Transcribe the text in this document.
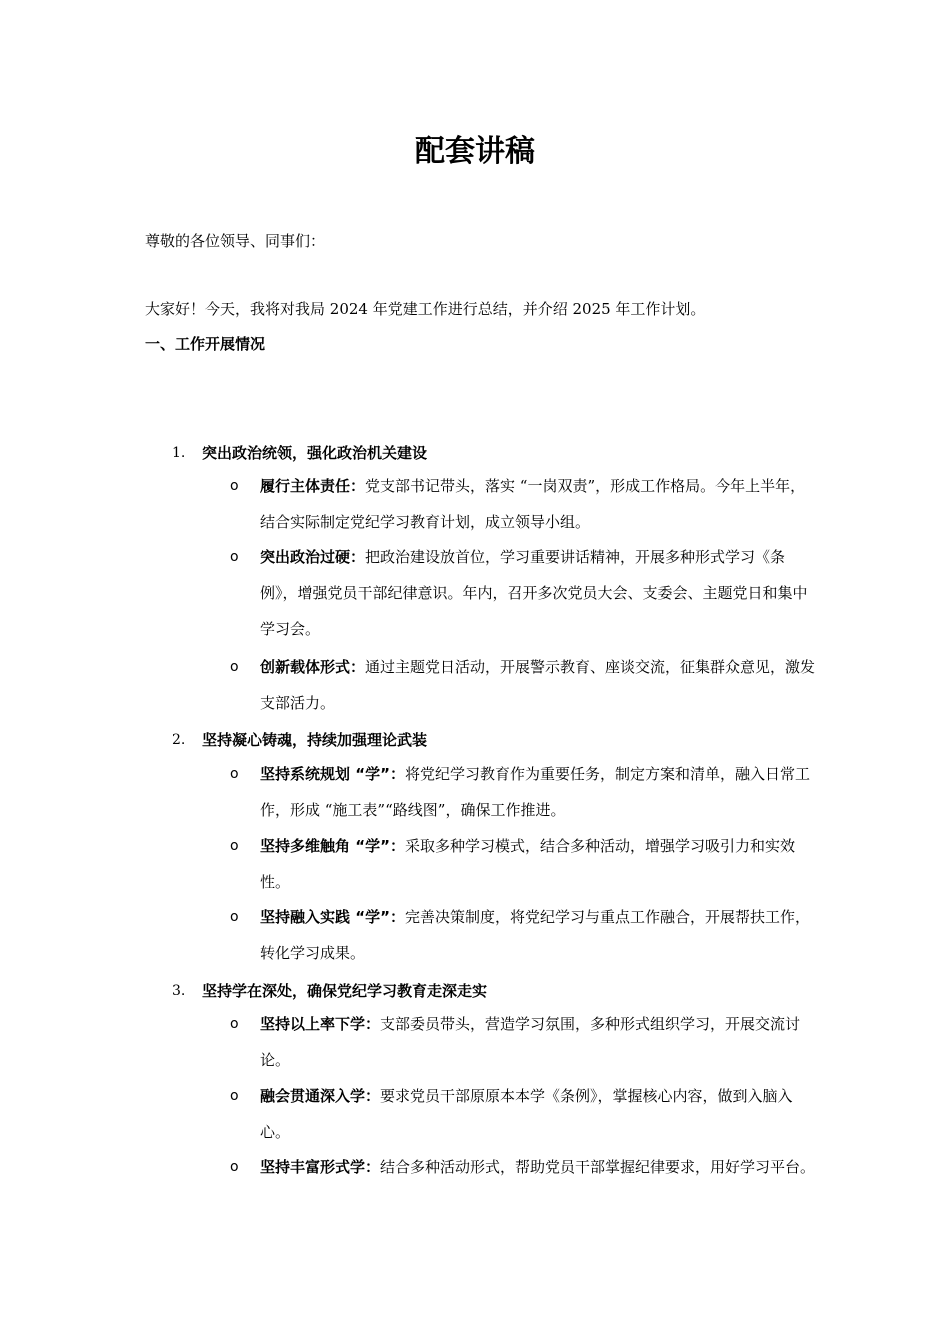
配套讲稿
尊敬的各位领导、同事们：
大家好！今天，我将对我局 2024 年党建工作进行总结，并介绍 2025 年工作计划。
一、工作开展情况
1. 突出政治统领，强化政治机关建设
o 履行主体责任：党支部书记带头，落实 “一岗双责”，形成工作格局。今年上半年，结合实际制定党纪学习教育计划，成立领导小组。
o 突出政治过硬：把政治建设放首位，学习重要讲话精神，开展多种形式学习《条例》，增强党员干部纪律意识。年内，召开多次党员大会、支委会、主题党日和集中学习会。
o 创新载体形式：通过主题党日活动，开展警示教育、座谈交流，征集群众意见，激发支部活力。
2. 坚持凝心铸魂，持续加强理论武装
o 坚持系统规划 “学”：将党纪学习教育作为重要任务，制定方案和清单，融入日常工作，形成 “施工表”“路线图”，确保工作推进。
o 坚持多维触角 “学”：采取多种学习模式，结合多种活动，增强学习吸引力和实效性。
o 坚持融入实践 “学”：完善决策制度，将党纪学习与重点工作融合，开展帮扶工作，转化学习成果。
3. 坚持学在深处，确保党纪学习教育走深走实
o 坚持以上率下学：支部委员带头，营造学习氛围，多种形式组织学习，开展交流讨论。
o 融会贯通深入学：要求党员干部原原本本学《条例》，掌握核心内容，做到入脑入心。
o 坚持丰富形式学：结合多种活动形式，帮助党员干部掌握纪律要求，用好学习平台。
